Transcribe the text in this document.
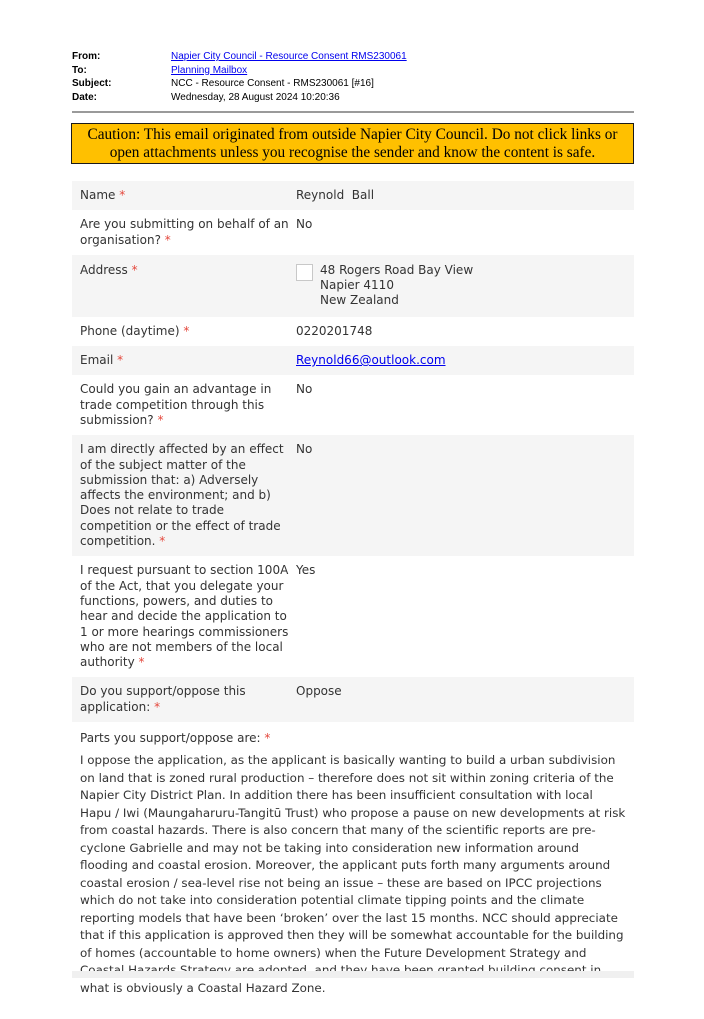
From:	Napier City Council - Resource Consent RMS230061
To:	Planning Mailbox
Subject:	NCC - Resource Consent - RMS230061 [#16]
Date:	Wednesday, 28 August 2024 10:20:36
Caution: This email originated from outside Napier City Council. Do not click links or open attachments unless you recognise the sender and know the content is safe.
Name *	Reynold  Ball
Are you submitting on behalf of an organisation? *
No
Address *	48 Rogers Road Bay View
Napier 4110
New Zealand
Phone (daytime) *	0220201748
Email *	Reynold66@outlook.com
Could you gain an advantage in trade competition through this submission? *
No
I am directly affected by an effect of the subject matter of the submission that: a) Adversely affects the environment; and b) Does not relate to trade competition or the effect of trade competition. *
No
I request pursuant to section 100A of the Act, that you delegate your functions, powers, and duties to hear and decide the application to 1 or more hearings commissioners who are not members of the local authority *
Yes
Do you support/oppose this application: *
Oppose
Parts you support/oppose are: *
I oppose the application, as the applicant is basically wanting to build a urban subdivision on land that is zoned rural production – therefore does not sit within zoning criteria of the Napier City District Plan. In addition there has been insufficient consultation with local Hapu / Iwi (Maungaharuru-Tangitū Trust) who propose a pause on new developments at risk from coastal hazards. There is also concern that many of the scientific reports are pre-cyclone Gabrielle and may not be taking into consideration new information around flooding and coastal erosion. Moreover, the applicant puts forth many arguments around coastal erosion / sea-level rise not being an issue – these are based on IPCC projections which do not take into consideration potential climate tipping points and the climate reporting models that have been ‘broken’ over the last 15 months. NCC should appreciate that if this application is approved then they will be somewhat accountable for the building of homes (accountable to home owners) when the Future Development Strategy and what is obviously a Coastal Hazard Zone.
